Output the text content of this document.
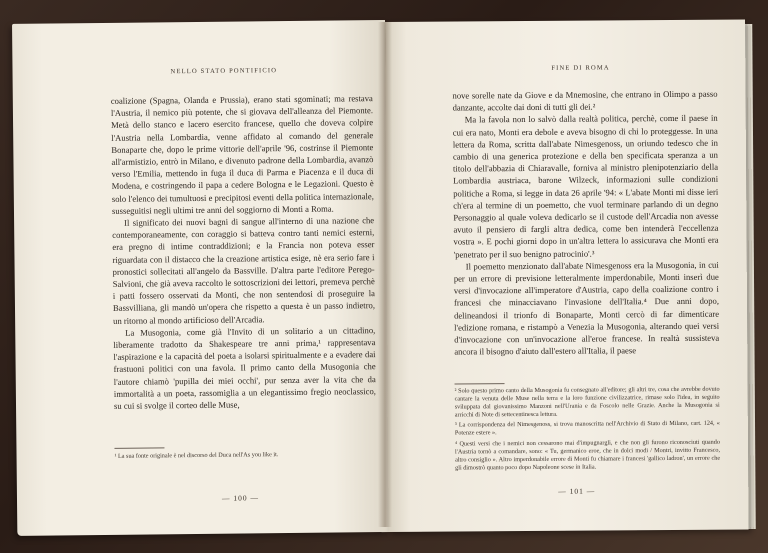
NELLO STATO PONTIFICIO

coalizione (Spagna, Olanda e Prussia), erano stati sgominati; ma restava l'Austria, il nemico più potente, che si giovava dell'alleanza del Piemonte. Metà dello stanco e lacero esercito francese, quello che doveva colpire l'Austria nella Lombardia, venne affidato al comando del generale Bonaparte che, dopo le prime vittorie dell'aprile '96, costrinse il Piemonte all'armistizio, entrò in Milano, e divenuto padrone della Lombardia, avanzò verso l'Emilia, mettendo in fuga il duca di Parma e Piacenza e il duca di Modena, e costringendo il papa a cedere Bologna e le Legazioni. Questo è solo l'elenco dei tumultuosi e precipitosi eventi della politica internazionale, susseguitisi negli ultimi tre anni del soggiorno di Monti a Roma.

Il significato dei nuovi bagni di sangue all'interno di una nazione che contemporaneamente, con coraggio si batteva contro tanti nemici esterni, era pregno di intime contraddizioni; e la Francia non poteva esser riguardata con il distacco che la creazione artistica esige, nè era serio fare i pronostici sollecitati all'angelo da Bassville. D'altra parte l'editore Perego-Salvioni, che già aveva raccolto le sottoscrizioni dei lettori, premeva perchè i patti fossero osservati da Monti, che non sentendosi di proseguire la Bassvilliana, gli mandò un'opera che rispetto a questa è un passo indietro, un ritorno al mondo artificioso dell'Arcadia.

La Musogonia, come già l'Invito di un solitario a un cittadino, liberamente tradotto da Shakespeare tre anni prima,¹ rappresentava l'aspirazione e la capacità del poeta a isolarsi spiritualmente e a evadere dai frastuoni politici con una favola. Il primo canto della Musogonia che l'autore chiamò 'pupilla dei miei occhi', pur senza aver la vita che da immortalità a un poeta, rassomiglia a un elegantissimo fregio neoclassico, su cui si svolge il corteo delle Muse,

¹ La sua fonte originale è nel discorso del Duca nell'As you like it.

— 100 —
FINE DI ROMA

nove sorelle nate da Giove e da Mnemosine, che entrano in Olimpo a passo danzante, accolte dai doni di tutti gli dei.²

Ma la favola non lo salvò dalla realtà politica, perchè, come il paese in cui era nato, Monti era debole e aveva bisogno di chi lo proteggesse. In una lettera da Roma, scritta dall'abate Nimesgenoss, un oriundo tedesco che in cambio di una generica protezione e della ben specificata speranza a un titolo dell'abbazia di Chiaravalle, forniva al ministro plenipotenziario della Lombardia austriaca, barone Wilzeck, informazioni sulle condizioni politiche a Roma, si legge in data 26 aprile '94: « L'abate Monti mi disse ieri ch'era al termine di un poemetto, che vuol terminare parlando di un degno Personaggio al quale voleva dedicarlo se il custode dell'Arcadia non avesse avuto il pensiero di fargli altra dedica, come ben intenderà l'eccellenza vostra ». E pochi giorni dopo in un'altra lettera lo assicurava che Monti era 'penetrato per il suo benigno patrocinio'.³

Il poemetto menzionato dall'abate Nimesgenoss era la Musogonia, in cui per un errore di previsione letteralmente imperdonabile, Monti inserì due versi d'invocazione all'imperatore d'Austria, capo della coalizione contro i francesi che minacciavano l'invasione dell'Italia.⁴ Due anni dopo, delineandosi il trionfo di Bonaparte, Monti cercò di far dimenticare l'edizione romana, e ristampò a Venezia la Musogonia, alterando quei versi d'invocazione con un'invocazione all'eroe francese. In realtà sussisteva ancora il bisogno d'aiuto dall'estero all'Italia, il paese

² Solo questo primo canto della Musogonia fu consegnato all'editore; gli altri tre, cosa che avrebbe dovuto cantare la venuta delle Muse nella terra e la loro funzione civilizzatrice, rimase solo l'idea, in seguito sviluppata dal giovanissimo Manzoni nell'Urania e da Foscolo nelle Grazie. Anche la Musogonia si arricchì di Note di settecentinesca lettura.

³ La corrispondenza del Nimesgenoss, si trova manoscritta nell'Archivio di Stato di Milano, cart. 124, « Potenze estere ».

⁴ Questi versi che i nemici non cessarono mai d'impugnargli, e che non gli furono riconosciuti quando l'Austria tornò a comandare, sono: « Tu, germanico eroe, che in dolci modi / Montri, invitto Francesco, altro consiglio ». Altro imperdonabile errore di Monti fu chiamare i francesi 'gallico ladron', un errore che gli dimostrò quanto poco dopo Napoleone scese in Italia.

— 101 —
